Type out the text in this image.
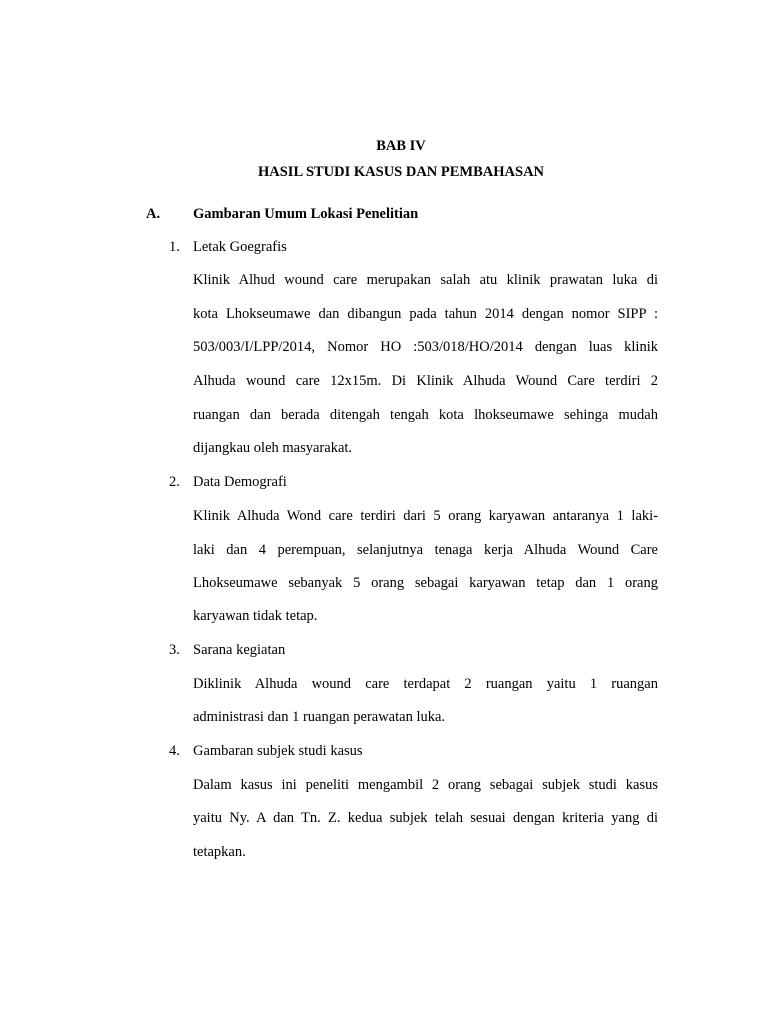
BAB IV
HASIL STUDI KASUS DAN PEMBAHASAN
A. Gambaran Umum Lokasi Penelitian
1. Letak Goegrafis
Klinik Alhud wound care merupakan salah atu klinik prawatan luka di
kota Lhokseumawe dan dibangun pada tahun 2014 dengan nomor SIPP :
503/003/I/LPP/2014, Nomor HO :503/018/HO/2014 dengan luas klinik
Alhuda wound care 12x15m. Di Klinik Alhuda Wound Care terdiri 2
ruangan dan berada ditengah tengah kota lhokseumawe sehinga mudah
dijangkau oleh masyarakat.
2. Data Demografi
Klinik Alhuda Wond care terdiri dari 5 orang karyawan antaranya 1 laki-
laki dan 4 perempuan, selanjutnya tenaga kerja Alhuda Wound Care
Lhokseumawe sebanyak 5 orang sebagai karyawan tetap dan 1 orang
karyawan tidak tetap.
3. Sarana kegiatan
Diklinik Alhuda wound care terdapat 2 ruangan yaitu 1 ruangan
administrasi dan 1 ruangan perawatan luka.
4. Gambaran subjek studi kasus
Dalam kasus ini peneliti mengambil 2 orang sebagai subjek studi kasus
yaitu Ny. A dan Tn. Z. kedua subjek telah sesuai dengan kriteria yang di
tetapkan.
